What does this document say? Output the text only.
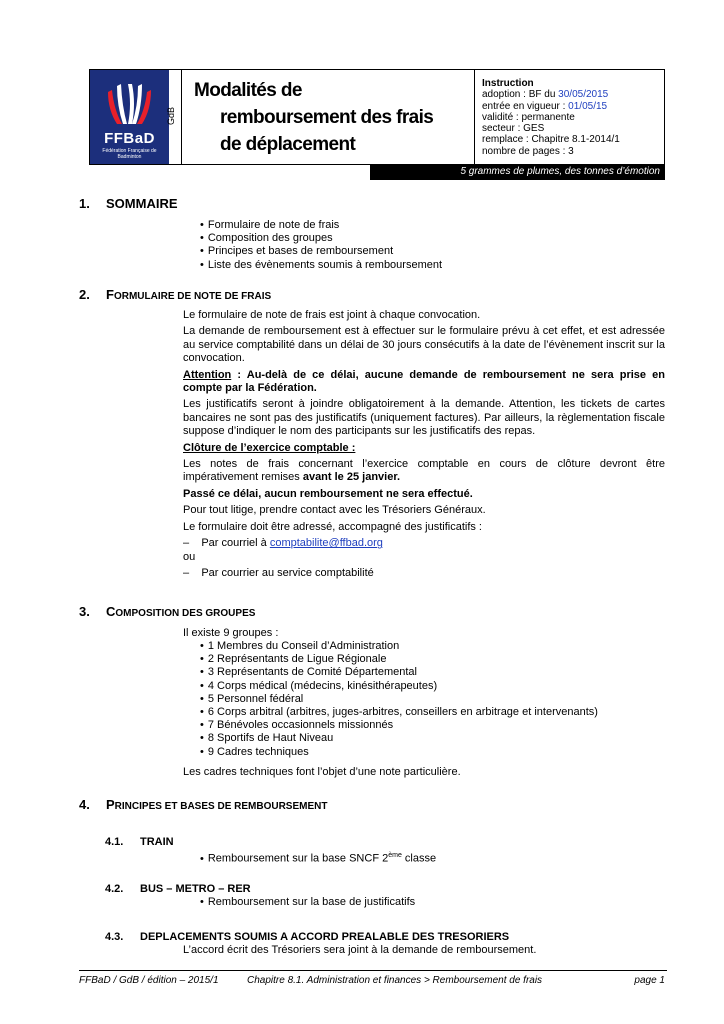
FFBaD
Fédération Française de Badminton
GdB
Modalités de
remboursement des frais
de déplacement
Instruction
adoption : BF du 30/05/2015
entrée en vigueur : 01/05/15
validité : permanente
secteur : GES
remplace : Chapitre 8.1-2014/1
nombre de pages : 3
5 grammes de plumes, des tonnes d’émotion
1. SOMMAIRE
• Formulaire de note de frais
• Composition des groupes
• Principes et bases de remboursement
• Liste des évènements soumis à remboursement
2. FORMULAIRE DE NOTE DE FRAIS
Le formulaire de note de frais est joint à chaque convocation.
La demande de remboursement est à effectuer sur le formulaire prévu à cet effet, et est adressée au service comptabilité dans un délai de 30 jours consécutifs à la date de l’évènement inscrit sur la convocation.
Attention : Au-delà de ce délai, aucune demande de remboursement ne sera prise en compte par la Fédération.
Les justificatifs seront à joindre obligatoirement à la demande. Attention, les tickets de cartes bancaires ne sont pas des justificatifs (uniquement factures). Par ailleurs, la règlementation fiscale suppose d’indiquer le nom des participants sur les justificatifs des repas.
Clôture de l’exercice comptable :
Les notes de frais concernant l’exercice comptable en cours de clôture devront être impérativement remises avant le 25 janvier.
Passé ce délai, aucun remboursement ne sera effectué.
Pour tout litige, prendre contact avec les Trésoriers Généraux.
Le formulaire doit être adressé, accompagné des justificatifs :
–    Par courriel à comptabilite@ffbad.org
ou
–    Par courrier au service comptabilité
3. COMPOSITION DES GROUPES
Il existe 9 groupes :
• 1 Membres du Conseil d’Administration
• 2 Représentants de Ligue Régionale
• 3 Représentants de Comité Départemental
• 4 Corps médical (médecins, kinésithérapeutes)
• 5 Personnel fédéral
• 6 Corps arbitral (arbitres, juges-arbitres, conseillers en arbitrage et intervenants)
• 7 Bénévoles occasionnels missionnés
• 8 Sportifs de Haut Niveau
• 9 Cadres techniques
Les cadres techniques font l’objet d’une note particulière.
4. PRINCIPES ET BASES DE REMBOURSEMENT
4.1. TRAIN
• Remboursement sur la base SNCF 2ème classe
4.2. BUS – METRO – RER
• Remboursement sur la base de justificatifs
4.3. DEPLACEMENTS SOUMIS A ACCORD PREALABLE DES TRESORIERS
L’accord écrit des Trésoriers sera joint à la demande de remboursement.
FFBaD / GdB / édition – 2015/1	Chapitre 8.1. Administration et finances > Remboursement de frais	page 1
